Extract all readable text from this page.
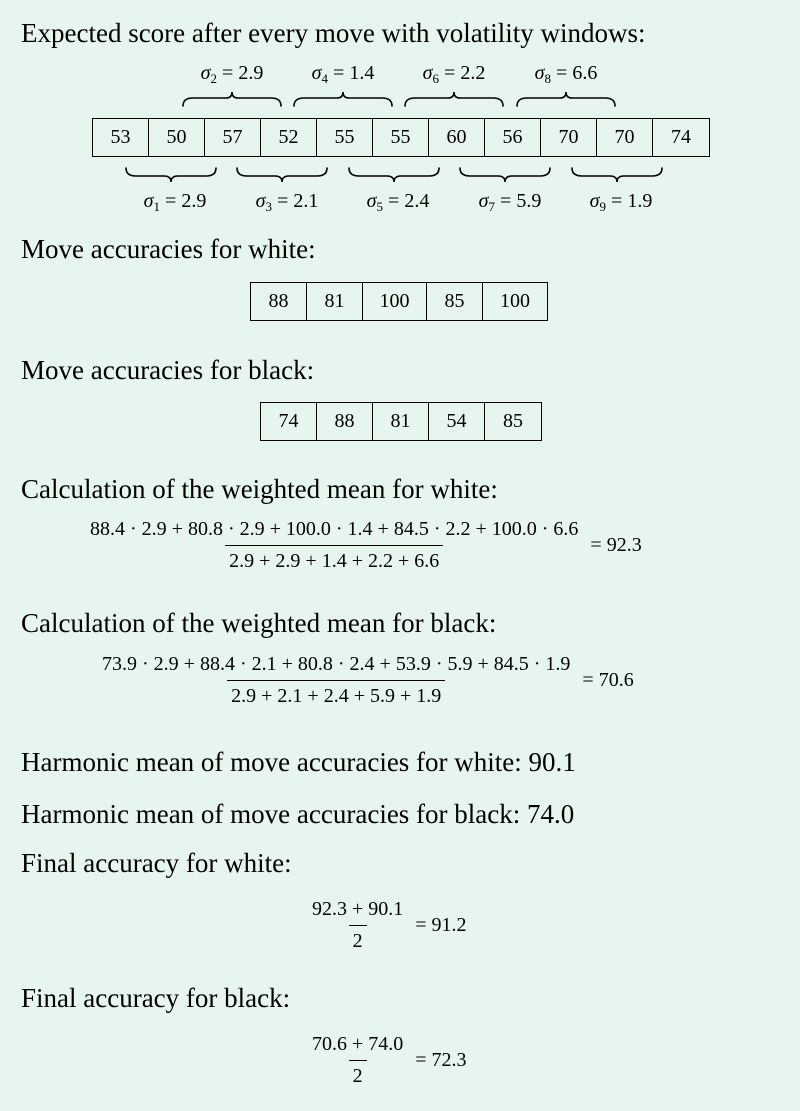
Expected score after every move with volatility windows:
$\sigma_2 = 2.9$ $\sigma_4 = 1.4$ $\sigma_6 = 2.2$ $\sigma_8 = 6.6$
53	50	57	52	55	55	60	56	70	70	74
$\sigma_1 = 2.9$ $\sigma_3 = 2.1$ $\sigma_5 = 2.4$ $\sigma_7 = 5.9$ $\sigma_9 = 1.9$
Move accuracies for white:
88	81	100	85	100
Move accuracies for black:
74	88	81	54	85
Calculation of the weighted mean for white:
88.4 · 2.9 + 80.8 · 2.9 + 100.0 · 1.4 + 84.5 · 2.2 + 100.0 · 6.6
2.9 + 2.9 + 1.4 + 2.2 + 6.6
= 92.3
Calculation of the weighted mean for black:
73.9 · 2.9 + 88.4 · 2.1 + 80.8 · 2.4 + 53.9 · 5.9 + 84.5 · 1.9
2.9 + 2.1 + 2.4 + 5.9 + 1.9
= 70.6
Harmonic mean of move accuracies for white: 90.1
Harmonic mean of move accuracies for black: 74.0
Final accuracy for white:
$\frac{92.3 + 90.1}{2} = 91.2$
Final accuracy for black:
$\frac{70.6 + 74.0}{2} = 72.3$
